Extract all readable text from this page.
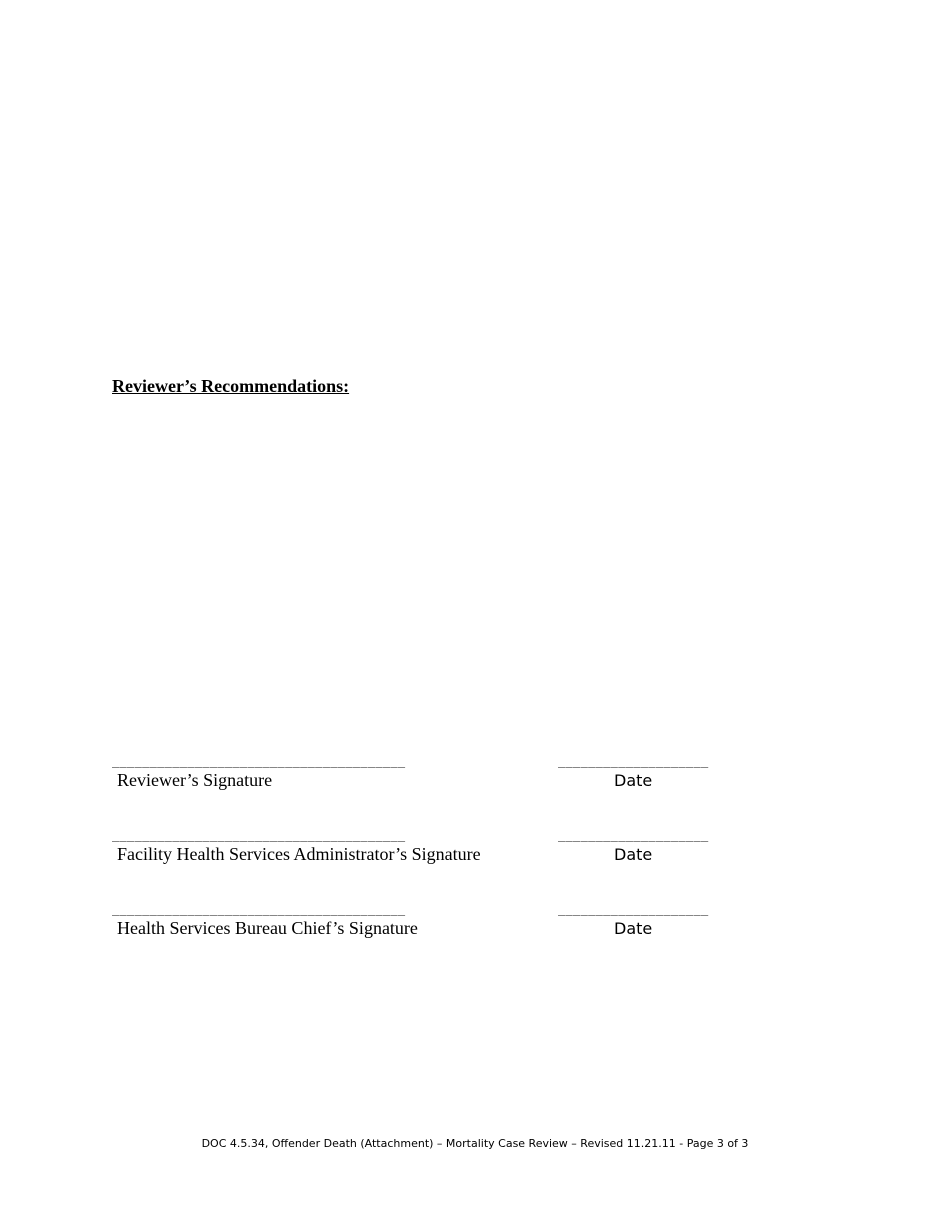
Reviewer’s Recommendations:
_______________________________________	____________________
Reviewer’s Signature	Date
_______________________________________	____________________
Facility Health Services Administrator’s Signature	Date
_______________________________________	____________________
Health Services Bureau Chief’s Signature	Date
DOC 4.5.34, Offender Death (Attachment) – Mortality Case Review – Revised 11.21.11 - Page 3 of 3
